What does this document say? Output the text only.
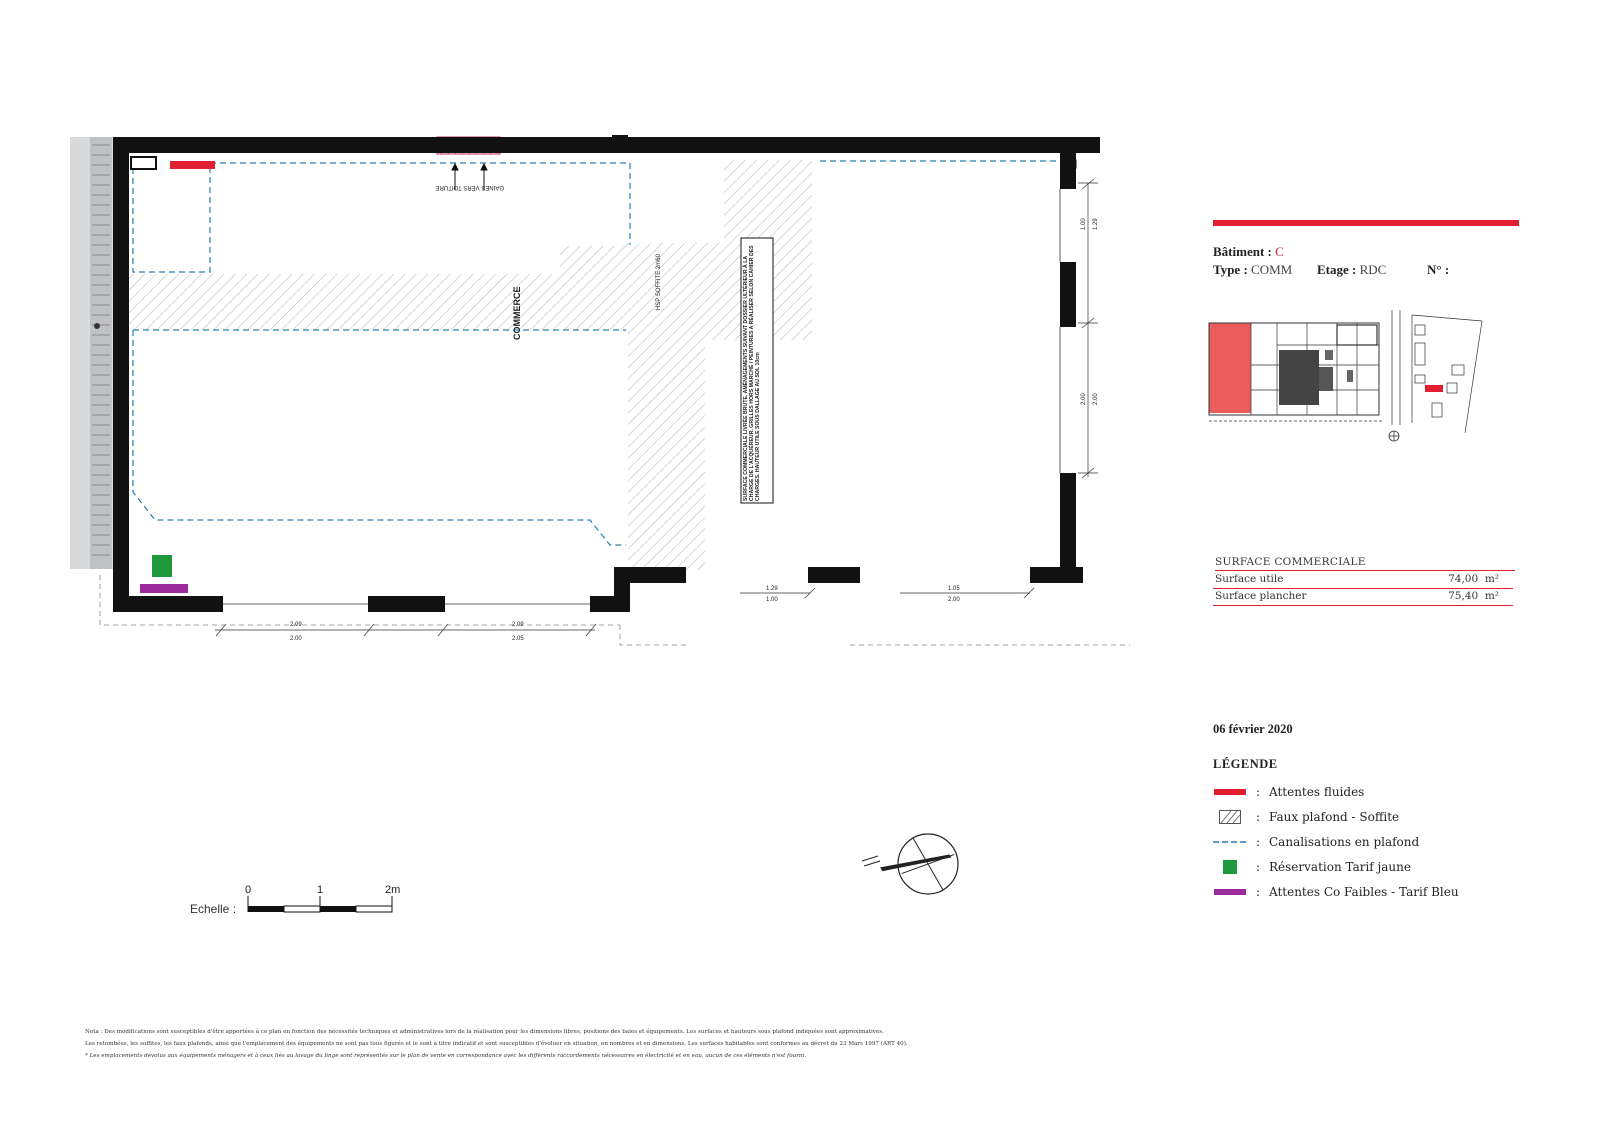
GAINES VERS TOITURE
COMMERCE
HSP SOFFITE 2m60	SURFACE COMMERCIALE LIVRÉE BRUTE. AMÉNAGEMENTS SUIVANT DOSSIER ULTÉRIEUR À LA CHARGE DE L'ACQUÉREUR. GRILLES HORS MARCHÉ / PEINTURES A RÉALISER SELON CAHIER DES CHARGES. HAUTEUR UTILE SOUS DALLAGE AU SOL 10cm
1.00 1.29
2.00 2.00
2.00
2.09
2.05
2.09
1.00
1.29	1.05
2.00
Echelle :
0	1	2m
Bâtiment : C
Type : COMM Etage : RDC	N° :
SURFACE COMMERCIALE
Surface utile	74,00 m²
Surface plancher	75,40 m²
06 février 2020
LÉGENDE
: Attentes fluides
: Faux plafond - Soffite
: Canalisations en plafond
: Réservation Tarif jaune
: Attentes Co Faibles - Tarif Bleu
Nota : Des modifications sont susceptibles d'être apportées à ce plan en fonction des nécessités techniques et administratives lors de la réalisation pour les dimensions libres, positions des baies et équipements. Les surfaces et hauteurs sous plafond indiquées sont approximatives.
Les retombées, les soffites, les faux plafonds, ainsi que l'emplacement des équipements ne sont pas tous figurés et le sont à titre indicatif et sont susceptibles d'évoluer en situation, en nombres et en dimensions. Les surfaces habitables sont conformes au décret du 23 Mars 1997 (ART 40).
* Les emplacements dévolus aux équipements ménagers et à ceux liés au lavage du linge sont représentés sur le plan de vente en correspondance avec les différents raccordements nécessaires en électricité et en eau, aucun de ces éléments n'est fourni.
